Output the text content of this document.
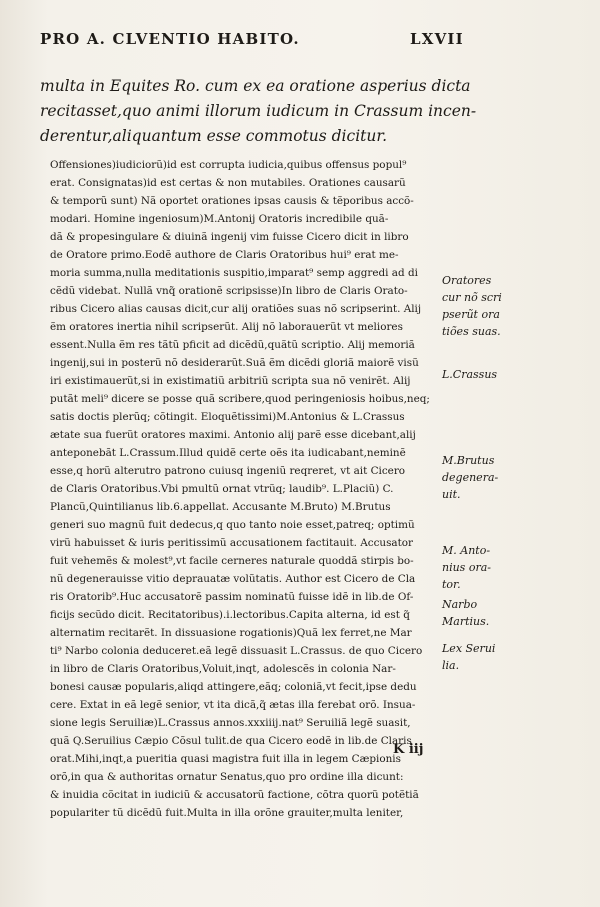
PRO A. CLVENTIO HABITO.	LXVII
multa in Equites Ro. cum ex ea oratione asperius dicta
recitasset,quo animi illorum iudicum in Crassum incen-
derentur,aliquantum esse commotus dicitur.
Offensiones)iudiciorũ)id est corrupta iudicia,quibus offensus popul⁹
erat. Consignatas)id est certas & non mutabiles. Orationes causarũ
& temporũ sunt) Nã oportet orationes ipsas causis & tẽporibus accõ-
modari. Homine ingeniosum)M.Antonij Oratoris incredibile quã-
dã & propesingulare & diuinã ingenij vim fuisse Cicero dicit in libro
de Oratore primo.Eodẽ authore de Claris Oratoribus hui⁹ erat me-
moria summa,nulla meditationis suspitio,imparat⁹ semp aggredi ad di
cẽdũ videbat. Nullã vnq̃ orationẽ scripsisse)In libro de Claris Orato-
ribus Cicero alias causas dicit,cur alij oratiões suas nõ scripserint. Alij
ẽm oratores inertia nihil scripserũt. Alij nõ laborauerũt vt meliores
essent.Nulla ẽm res tãtũ pficit ad dicẽdũ,quãtũ scriptio. Alij memoriã
ingenij,sui in posterũ nõ desiderarũt.Suã ẽm dicẽdi gloriã maiorẽ visũ
iri existimauerũt,si in existimatiũ arbitriũ scripta sua nõ venirẽt. Alij
putãt meli⁹ dicere se posse quã scribere,quod peringeniosis hoibus,neq;
satis doctis plerũq; cõtingit. Eloquẽtissimi)M.Antonius & L.Crassus
ætate sua fuerũt oratores maximi. Antonio alij parẽ esse dicebant,alij
anteponebãt L.Crassum.Illud quidẽ certe oẽs ita iudicabant,neminẽ
esse,q horũ alterutro patrono cuiusq ingeniũ reqreret, vt ait Cicero
de Claris Oratoribus.Vbi pmultũ ornat vtrũq; laudib⁹. L.Placiũ) C.
Plancũ,Quintilianus lib.6.appellat. Accusante M.Bruto) M.Brutus
generi suo magnũ fuit dedecus,q quo tanto noie esset,patreq; optimũ
virũ habuisset & iuris peritissimũ accusationem factitauit. Accusator
fuit vehemẽs & molest⁹,vt facile cerneres naturale quoddã stirpis bo-
nũ degenerauisse vitio deprauatæ volũtatis. Author est Cicero de Cla
ris Oratorib⁹.Huc accusatorẽ passim nominatũ fuisse idẽ in lib.de Of-
ficijs secũdo dicit. Recitatoribus).i.lectoribus.Capita alterna, id est q̃
alternatim recitarẽt. In dissuasione rogationis)Quã lex ferret,ne Mar
ti⁹ Narbo colonia deduceret.eã legẽ dissuasit L.Crassus. de quo Cicero
in libro de Claris Oratoribus,Voluit,inqt, adolescẽs in colonia Nar-
bonesi causæ popularis,aliqd attingere,eãq; coloniã,vt fecit,ipse dedu
cere. Extat in eã legẽ senior, vt ita dicã,q̃ ætas illa ferebat orõ. Insua-
sione legis Seruiliæ)L.Crassus annos.xxxiiij.nat⁹ Seruiliã legẽ suasit,
quã Q.Seruilius Cæpio Cõsul tulit.de qua Cicero eodẽ in lib.de Claris
orat.Mihi,inqt,a pueritia quasi magistra fuit illa in legem Cæpionis
orõ,in qua & authoritas ornatur Senatus,quo pro ordine illa dicunt:
& inuidia cõcitat in iudiciũ & accusatorũ factione, cõtra quorũ potẽtiã
populariter tũ dicẽdũ fuit.Multa in illa orõne grauiter,multa leniter,
M. Anto-
nius ora-
tor.
Oratores
cur nõ scri
pserũt ora
tiões suas.
L.Crassus
M.Brutus
degenera-
uit.
Narbo
Martius.
Lex Serui
lia.
K iij
